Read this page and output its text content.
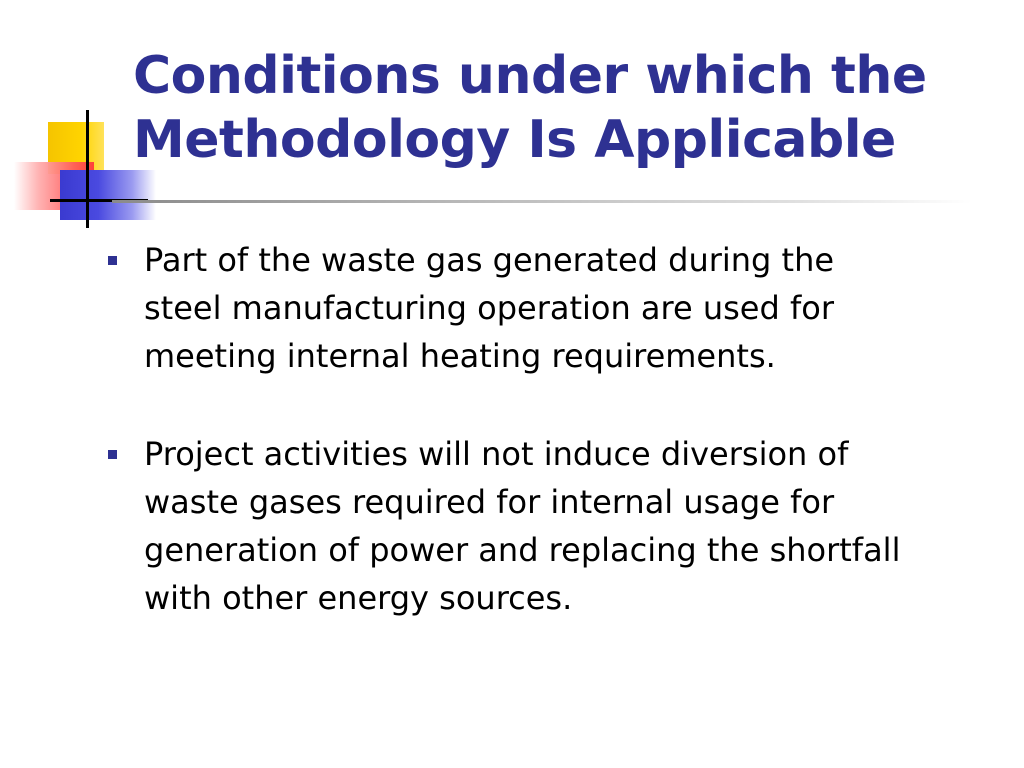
Conditions under which the
Methodology Is Applicable
Part of the waste gas generated during the
steel manufacturing operation are used for
meeting internal heating requirements.
Project activities will not induce diversion of
waste gases required for internal usage for
generation of power and replacing the shortfall
with other energy sources.
